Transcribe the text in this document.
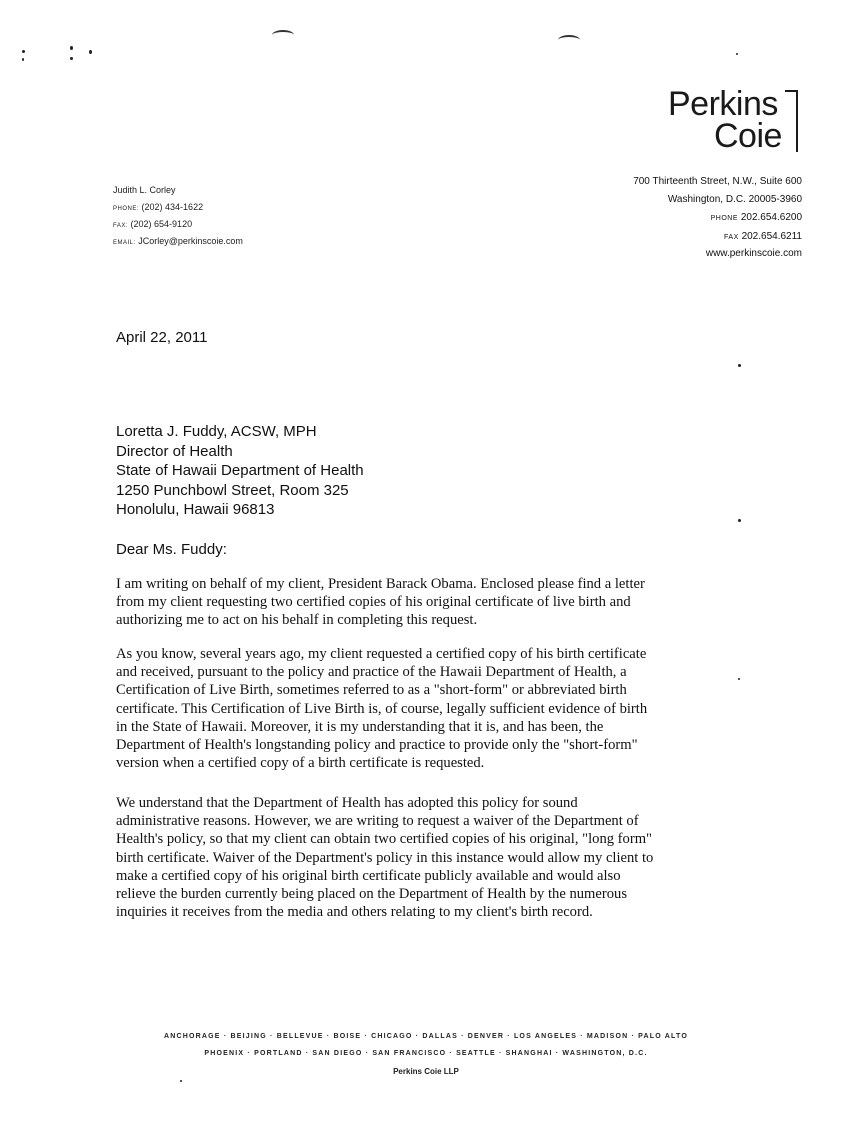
Perkins
Coie
700 Thirteenth Street, N.W., Suite 600
Washington, D.C. 20005-3960
PHONE 202.654.6200
FAX 202.654.6211
www.perkinscoie.com
Judith L. Corley
PHONE: (202) 434-1622
FAX: (202) 654-9120
EMAIL: JCorley@perkinscoie.com
April 22, 2011
Loretta J. Fuddy, ACSW, MPH
Director of Health
State of Hawaii Department of Health
1250 Punchbowl Street, Room 325
Honolulu, Hawaii 96813
Dear Ms. Fuddy:
I am writing on behalf of my client, President Barack Obama. Enclosed please find a letter
from my client requesting two certified copies of his original certificate of live birth and
authorizing me to act on his behalf in completing this request.
As you know, several years ago, my client requested a certified copy of his birth certificate
and received, pursuant to the policy and practice of the Hawaii Department of Health, a
Certification of Live Birth, sometimes referred to as a "short-form" or abbreviated birth
certificate. This Certification of Live Birth is, of course, legally sufficient evidence of birth
in the State of Hawaii. Moreover, it is my understanding that it is, and has been, the
Department of Health's longstanding policy and practice to provide only the "short-form"
version when a certified copy of a birth certificate is requested.
We understand that the Department of Health has adopted this policy for sound
administrative reasons. However, we are writing to request a waiver of the Department of
Health's policy, so that my client can obtain two certified copies of his original, "long form"
birth certificate. Waiver of the Department's policy in this instance would allow my client to
make a certified copy of his original birth certificate publicly available and would also
relieve the burden currently being placed on the Department of Health by the numerous
inquiries it receives from the media and others relating to my client's birth record.
ANCHORAGE · BEIJING · BELLEVUE · BOISE · CHICAGO · DALLAS · DENVER · LOS ANGELES · MADISON · PALO ALTO
PHOENIX · PORTLAND · SAN DIEGO · SAN FRANCISCO · SEATTLE · SHANGHAI · WASHINGTON, D.C.
Perkins Coie LLP
